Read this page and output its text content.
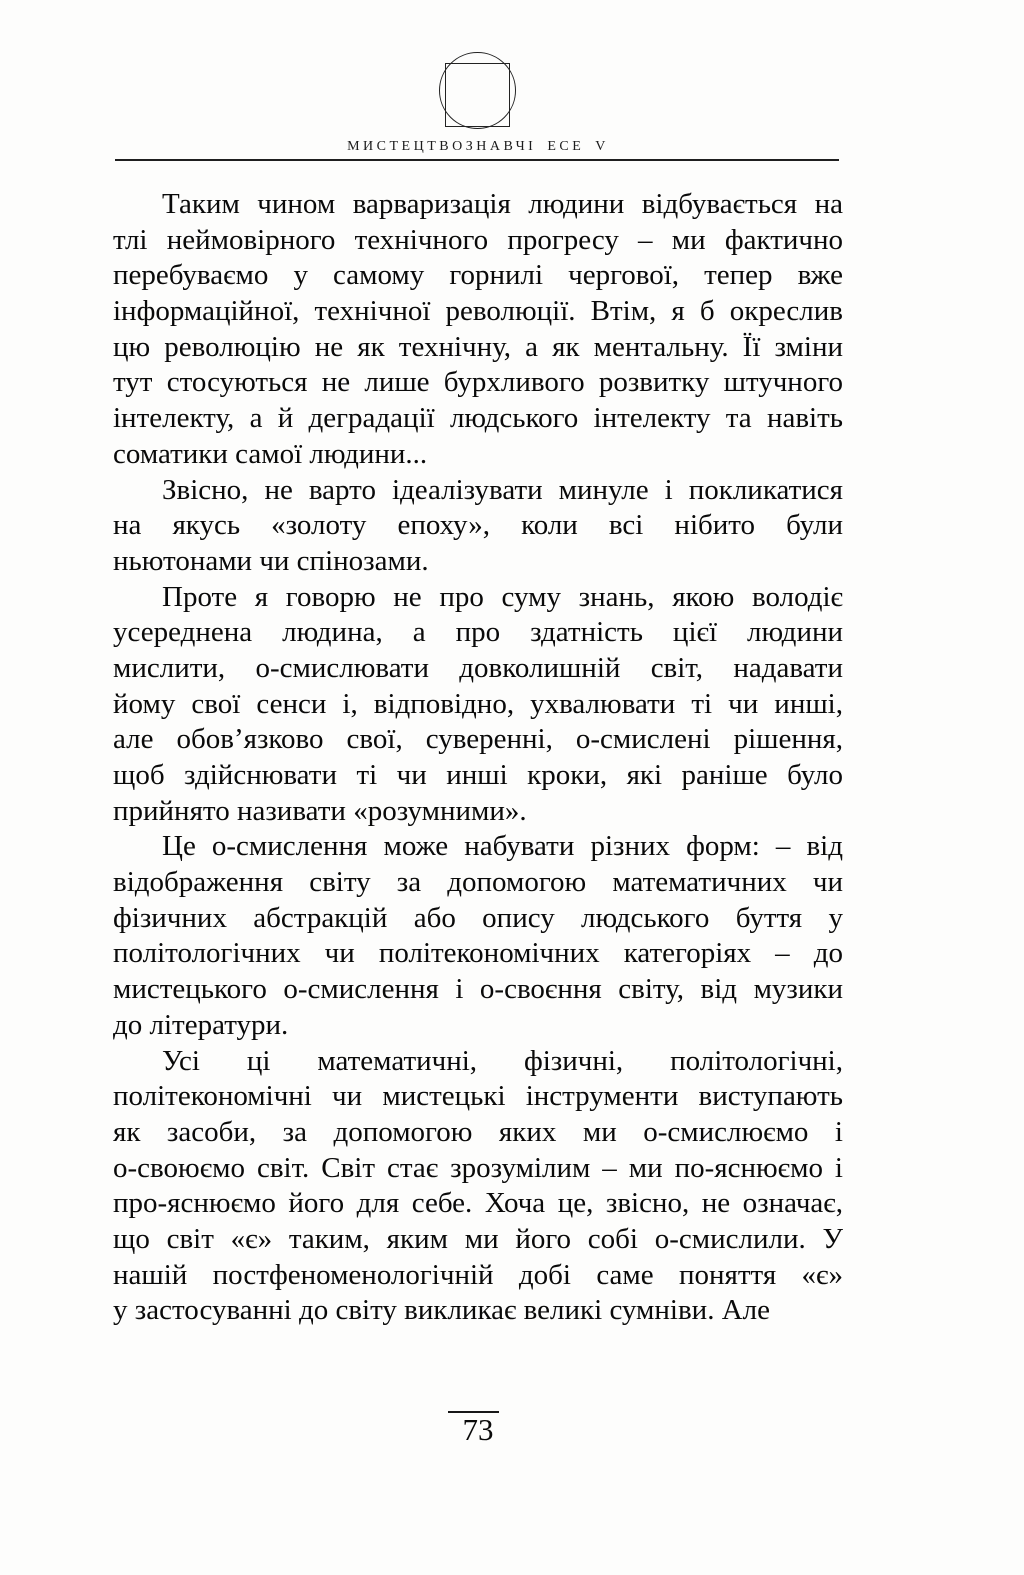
МИСТЕЦТВОЗНАВЧІ ЕСЕ V
Таким чином варваризація людини відбувається на
тлі неймовірного технічного прогресу – ми фактично
перебуваємо у самому горнилі чергової, тепер вже
інформаційної, технічної революції. Втім, я б окреслив
цю революцію не як технічну, а як ментальну. Її зміни
тут стосуються не лише бурхливого розвитку штучного
інтелекту, а й деградації людського інтелекту та навіть
соматики самої людини...
Звісно, не варто ідеалізувати минуле і покликатися
на якусь «золоту епоху», коли всі нібито були
ньютонами чи спінозами.
Проте я говорю не про суму знань, якою володіє
усереднена людина, а про здатність цієї людини
мислити, о-смислювати довколишній світ, надавати
йому свої сенси і, відповідно, ухвалювати ті чи инші,
але обов’язково свої, суверенні, о-смислені рішення,
щоб здійснювати ті чи инші кроки, які раніше було
прийнято називати «розумними».
Це о-смислення може набувати різних форм: – від
відображення світу за допомогою математичних чи
фізичних абстракцій або опису людського буття у
політологічних чи політекономічних категоріях – до
мистецького о-смислення і о-своєння світу, від музики
до літератури.
Усі ці математичні, фізичні, політологічні,
політекономічні чи мистецькі інструменти виступають
як засоби, за допомогою яких ми о-смислюємо і
о-своюємо світ. Світ стає зрозумілим – ми по-яснюємо і
про-яснюємо його для себе. Хоча це, звісно, не означає,
що світ «є» таким, яким ми його собі о-смислили. У
нашій постфеноменологічній добі саме поняття «є»
у застосуванні до світу викликає великі сумніви. Але
73
